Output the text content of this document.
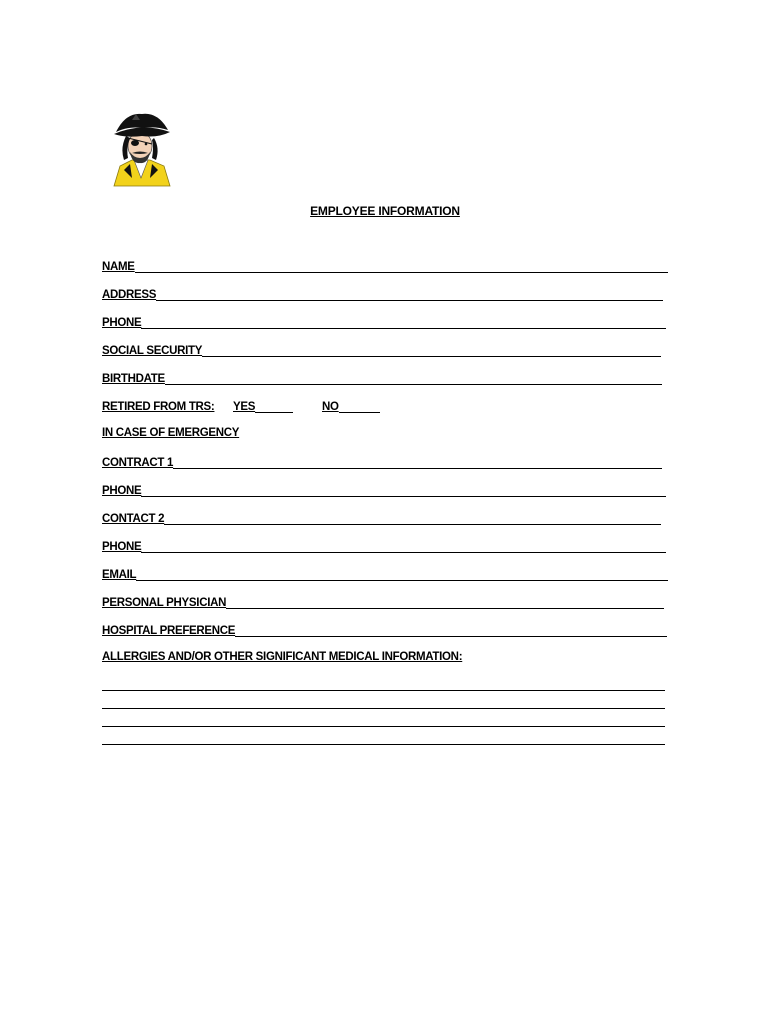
EMPLOYEE INFORMATION
NAME
ADDRESS
PHONE
SOCIAL SECURITY
BIRTHDATE
RETIRED FROM TRS: YES	NO
IN CASE OF EMERGENCY
CONTRACT 1
PHONE
CONTACT 2
PHONE
EMAIL
PERSONAL PHYSICIAN
HOSPITAL PREFERENCE
ALLERGIES AND/OR OTHER SIGNIFICANT MEDICAL INFORMATION:
